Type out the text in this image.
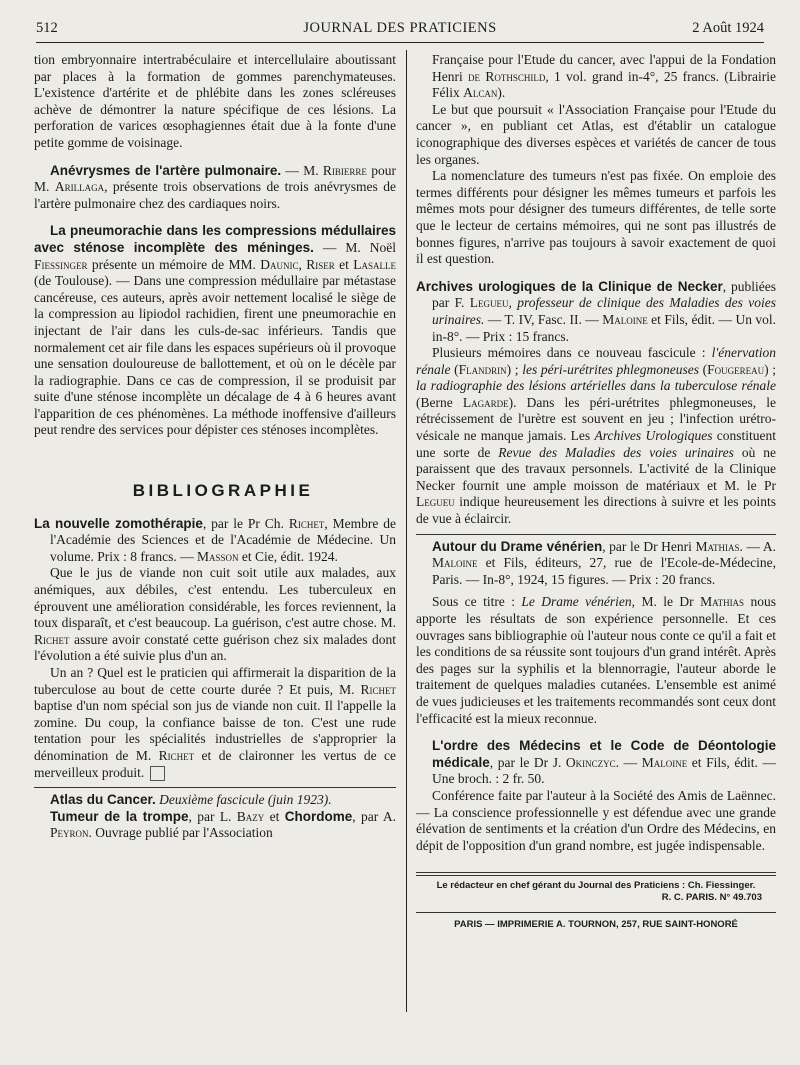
512	JOURNAL DES PRATICIENS	2 Août 1924

tion embryonnaire intertrabéculaire et intercellulaire aboutissant par places à la formation de gommes parenchymateuses. L'existence d'artérite et de phlébite dans les zones scléreuses achève de démontrer la nature spécifique de ces lésions. La perforation de varices œsophagiennes était due à la fonte d'une petite gomme de voisinage.

Anévrysmes de l'artère pulmonaire. — M. Ribierre pour M. Arillaga, présente trois observations de trois anévrysmes de l'artère pulmonaire chez des cardiaques noirs.

La pneumorachie dans les compressions médullaires avec sténose incomplète des méninges. — M. Noël Fiessinger présente un mémoire de MM. Daunic, Riser et Lasalle (de Toulouse). — Dans une compression médullaire par métastase cancéreuse, ces auteurs, après avoir nettement localisé le siège de la compression au lipiodol rachidien, firent une pneumorachie en injectant de l'air dans les culs-de-sac inférieurs. Tandis que normalement cet air file dans les espaces supérieurs où il provoque une sensation douloureuse de ballottement, et où on le décèle par la radiographie. Dans ce cas de compression, il se produisit par suite d'une sténose incomplète un décalage de 4 à 6 heures avant l'apparition de ces phénomènes. La méthode inoffensive d'ailleurs peut rendre des services pour dépister ces sténoses incomplètes.

BIBLIOGRAPHIE

La nouvelle zomothérapie, par le Pr Ch. Richet, Membre de l'Académie des Sciences et de l'Académie de Médecine. Un volume. Prix : 8 francs. — Masson et Cie, édit. 1924.

Que le jus de viande non cuit soit utile aux malades, aux anémiques, aux débiles, c'est entendu. Les tuberculeux en éprouvent une amélioration considérable, les forces reviennent, la toux disparaît, et c'est beaucoup. La guérison, c'est autre chose. M. Richet assure avoir constaté cette guérison chez six malades dont l'évolution a été suivie plus d'un an.

Un an ? Quel est le praticien qui affirmerait la disparition de la tuberculose au bout de cette courte durée ? Et puis, M. Richet baptise d'un nom spécial son jus de viande non cuit. Il l'appelle la zomine. Du coup, la confiance baisse de ton. C'est une rude tentation pour les spécialités industrielles de s'approprier la dénomination de M. Richet et de claironner les vertus de ce merveilleux produit.

Atlas du Cancer. Deuxième fascicule (juin 1923).
Tumeur de la trompe, par L. Bazy et Chordome, par A. Peyron. Ouvrage publié par l'Association

Française pour l'Etude du cancer, avec l'appui de la Fondation Henri de Rothschild, 1 vol. grand in-4°, 25 francs. (Librairie Félix Alcan).

Le but que poursuit « l'Association Française pour l'Etude du cancer », en publiant cet Atlas, est d'établir un catalogue iconographique des diverses espèces et variétés de cancer de tous les organes.

La nomenclature des tumeurs n'est pas fixée. On emploie des termes différents pour désigner les mêmes tumeurs et parfois les mêmes mots pour désigner des tumeurs différentes, de telle sorte que le lecteur de certains mémoires, qui ne sont pas illustrés de bonnes figures, n'arrive pas toujours à savoir exactement de quoi il est question.

Archives urologiques de la Clinique de Necker, publiées par F. Legueu, professeur de clinique des Maladies des voies urinaires. — T. IV, Fasc. II. — Maloine et Fils, édit. — Un vol. in-8°. — Prix : 15 francs.

Plusieurs mémoires dans ce nouveau fascicule : l'énervation rénale (Flandrin) ; les péri-urétrites phlegmoneuses (Fougereau) ; la radiographie des lésions artérielles dans la tuberculose rénale (Berne Lagarde). Dans les péri-urétrites phlegmoneuses, le rétrécissement de l'urètre est souvent en jeu ; l'infection urétro-vésicale ne manque jamais. Les Archives Urologiques constituent une sorte de Revue des Maladies des voies urinaires où ne paraissent que des travaux personnels. L'activité de la Clinique Necker fournit une ample moisson de matériaux et M. le Pr Legueu indique heureusement les directions à suivre et les points de vue à éclaircir.

Autour du Drame vénérien, par le Dr Henri Mathias. — A. Maloine et Fils, éditeurs, 27, rue de l'Ecole-de-Médecine, Paris. — In-8°, 1924, 15 figures. — Prix : 20 francs.

Sous ce titre : Le Drame vénérien, M. le Dr Mathias nous apporte les résultats de son expérience personnelle. Et ces ouvrages sans bibliographie où l'auteur nous conte ce qu'il a fait et les conditions de sa réussite sont toujours d'un grand intérêt. Après des pages sur la syphilis et la blennorragie, l'auteur aborde le traitement de quelques maladies cutanées. L'ensemble est animé de vues judicieuses et les traitements recommandés sont ceux dont l'efficacité est la mieux reconnue.

L'ordre des Médecins et le Code de Déontologie médicale, par le Dr J. Okinczyc. — Maloine et Fils, édit. — Une broch. : 2 fr. 50.

Conférence faite par l'auteur à la Société des Amis de Laënnec. — La conscience professionnelle y est défendue avec une grande élévation de sentiments et la création d'un Ordre des Médecins, en dépit de l'opposition d'un grand nombre, est jugée indispensable.

Le rédacteur en chef gérant du Journal des Praticiens : Ch. Fiessinger.
R. C. PARIS. N° 49.703
PARIS — IMPRIMERIE A. TOURNON, 257, RUE SAINT-HONORÉ
